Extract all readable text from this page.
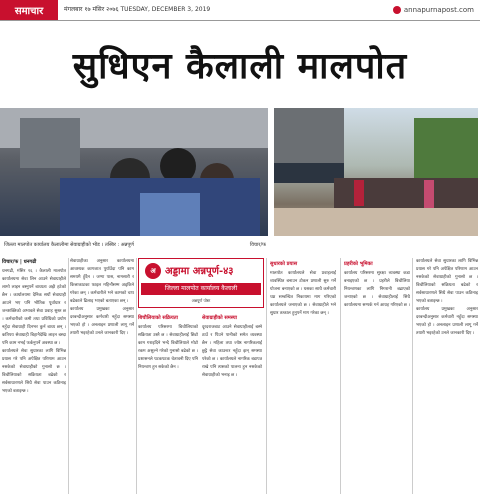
समाचार	मंगलबार १७ मंसिर २०७६ TUESDAY, DECEMBER 3, 2019	annapurnapost.com
सुधिएन कैलाली मालपोत
जिल्ला मालपोत कार्यालय कैलालीमा सेवाग्राहीको भीड । तस्बिर : अन्नपूर्ण	विचार/फ
विचार/फ | धनगढी
धनगढी, मंसिर १६ । कैलाली मालपोत कार्यालयमा सेवा लिन आउने सेवाग्राहीले लामो लाइन बस्नुपर्ने बाध्यता अझै हटेको छैन । कार्यालयमा दैनिक सयौं सेवाग्राही आउने भए पनि भौतिक पूर्वाधार र जनशक्तिको अभावले सेवा प्रवाह सुस्त छ । कर्मचारीको कमी तथा प्रविधिको प्रयोग नहुँदा सेवाग्राही दिनभर कुर्न बाध्य छन् । कतिपय सेवाग्राही बिहानैदेखि लाइन बस्दा पनि काम नभई फर्कनुपर्ने अवस्था छ ।
कार्यालयले सेवा सुधारका लागि विभिन्न प्रयास गरे पनि अपेक्षित परिणाम आउन नसकेको सेवाग्राहीको गुनासो छ । बिचौलियाको सक्रियता बढेको र सर्वसाधारणले सिधै सेवा पाउन कठिनाइ भएको बताइन्छ ।
सेवाग्राहीका अनुसार कार्यालयमा आवश्यक कागजात पुर्याउँदा पनि काम समयमै हुँदैन । जग्गा पास, नामसारी र कित्ताकाटका फाइल महिनौंसम्म अड्किने गरेका छन् । कर्मचारीले भने कामको चाप बढेकाले ढिलाइ भएको बताएका छन् ।
कार्यालय प्रमुखका अनुसार दरबन्दीअनुसार कर्मचारी नहुँदा समस्या भएको हो । अनलाइन प्रणाली लागू गर्ने तयारी भइरहेको उनले जानकारी दिए ।
अ अड्डामा अन्नपूर्ण-४३
जिल्ला मालपोत कार्यालय कैलाली
अन्नपूर्ण पोस्ट
बिचौलियाको सक्रियता
कार्यालय परिसरमा बिचौलियाको सक्रियता उस्तै छ । सेवाग्राहीलाई छिटो काम गराइदिने भन्दै बिचौलियाले मोटो रकम असुल्ने गरेको गुनासो बढेको छ । प्रशासनले पटकपटक चेतावनी दिए पनि नियन्त्रण हुन सकेको छैन ।
सेवाग्राहीको समस्या
दूरदराजबाट आउने सेवाग्राहीलाई बस्ने ठाउँ र पिउने पानीको समेत व्यवस्था छैन । महिला तथा ज्येष्ठ नागरिकलाई छुट्टै सेवा काउन्टर नहुँदा झन् समस्या परेको छ । कार्यालयले नागरिक बडापत्र राखे पनि त्यसको पालना हुन नसकेको सेवाग्राहीको भनाइ छ ।
सुधारको प्रयास
मालपोत कार्यालयले सेवा प्रवाहलाई व्यवस्थित बनाउन टोकन प्रणाली सुरु गर्ने योजना बनाएको छ । यसका साथै कर्मचारी थप्न सम्बन्धित निकायमा माग गरिएको कार्यालयले जनाएको छ । सेवाग्राहीले भने सुधार तत्काल हुनुपर्ने माग गरेका छन् ।
प्रहरीको भूमिका
कार्यालय परिसरमा सुरक्षा व्यवस्था कडा बनाइएको छ । प्रहरीले बिचौलिया नियन्त्रणका लागि निगरानी बढाएको जनाएको छ । सेवाग्राहीलाई सिधै कार्यालयमा सम्पर्क गर्न आग्रह गरिएको छ ।
कार्यालयले सेवा सुधारका लागि विभिन्न प्रयास गरे पनि अपेक्षित परिणाम आउन नसकेको सेवाग्राहीको गुनासो छ । बिचौलियाको सक्रियता बढेको र सर्वसाधारणले सिधै सेवा पाउन कठिनाइ भएको बताइन्छ ।
कार्यालय प्रमुखका अनुसार दरबन्दीअनुसार कर्मचारी नहुँदा समस्या भएको हो । अनलाइन प्रणाली लागू गर्ने तयारी भइरहेको उनले जानकारी दिए ।
